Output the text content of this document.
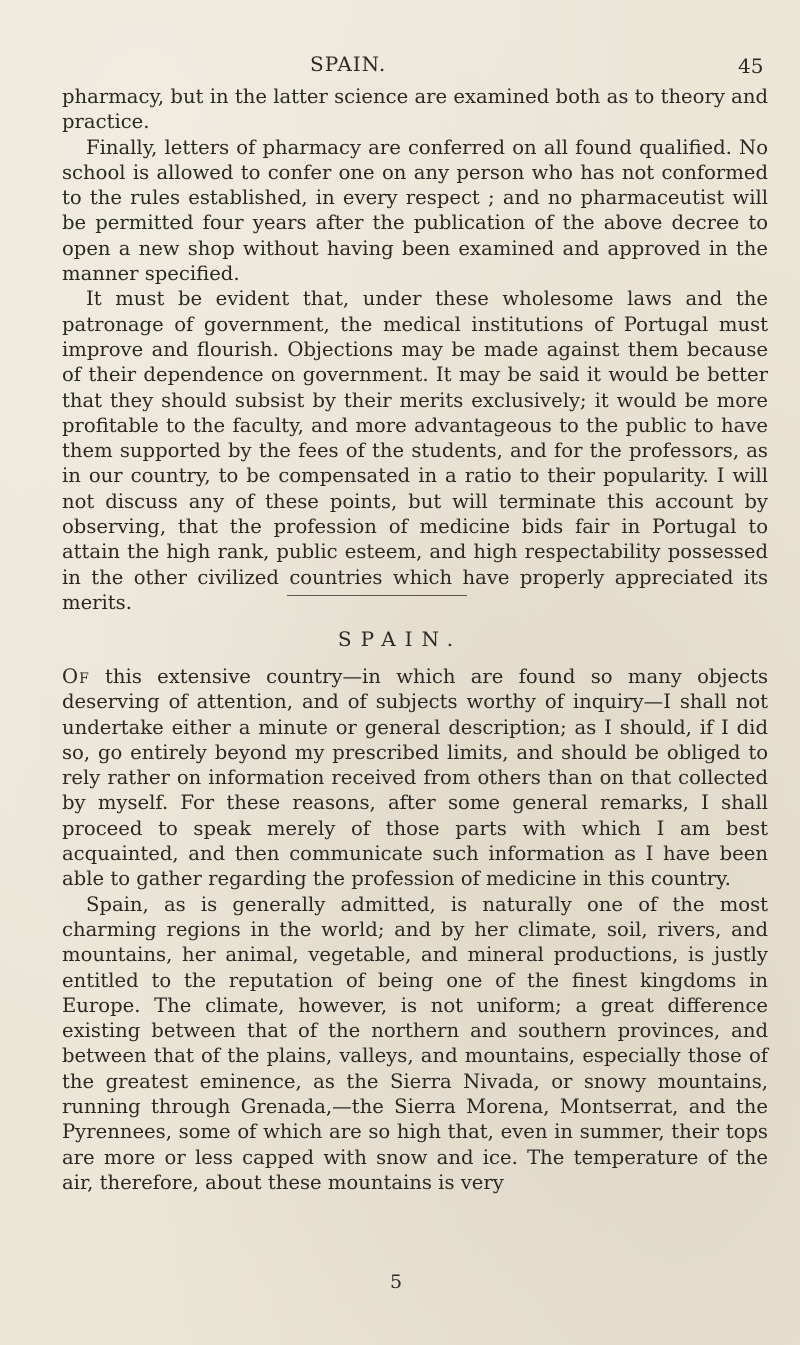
SPAIN.	45

pharmacy, but in the latter science are examined both as to theory and practice.

Finally, letters of pharmacy are conferred on all found qualified. No school is allowed to confer one on any person who has not conformed to the rules established, in every respect ; and no pharmaceutist will be permitted four years after the publication of the above decree to open a new shop without having been examined and approved in the manner specified.

It must be evident that, under these wholesome laws and the patronage of government, the medical institutions of Portugal must improve and flourish. Objections may be made against them because of their dependence on government. It may be said it would be better that they should subsist by their merits exclusively; it would be more profitable to the faculty, and more advantageous to the public to have them supported by the fees of the students, and for the professors, as in our country, to be compensated in a ratio to their popularity. I will not discuss any of these points, but will terminate this account by observing, that the profession of medicine bids fair in Portugal to attain the high rank, public esteem, and high respectability possessed in the other civilized countries which have properly appreciated its merits.

SPAIN.

Of this extensive country—in which are found so many objects deserving of attention, and of subjects worthy of inquiry—I shall not undertake either a minute or general description; as I should, if I did so, go entirely beyond my prescribed limits, and should be obliged to rely rather on information received from others than on that collected by myself. For these reasons, after some general remarks, I shall proceed to speak merely of those parts with which I am best acquainted, and then communicate such information as I have been able to gather regarding the profession of medicine in this country.

Spain, as is generally admitted, is naturally one of the most charming regions in the world; and by her climate, soil, rivers, and mountains, her animal, vegetable, and mineral productions, is justly entitled to the reputation of being one of the finest kingdoms in Europe. The climate, however, is not uniform; a great difference existing between that of the northern and southern provinces, and between that of the plains, valleys, and mountains, especially those of the greatest eminence, as the Sierra Nivada, or snowy mountains, running through Grenada,—the Sierra Morena, Montserrat, and the Pyrennees, some of which are so high that, even in summer, their tops are more or less capped with snow and ice. The temperature of the air, therefore, about these mountains is very

5
